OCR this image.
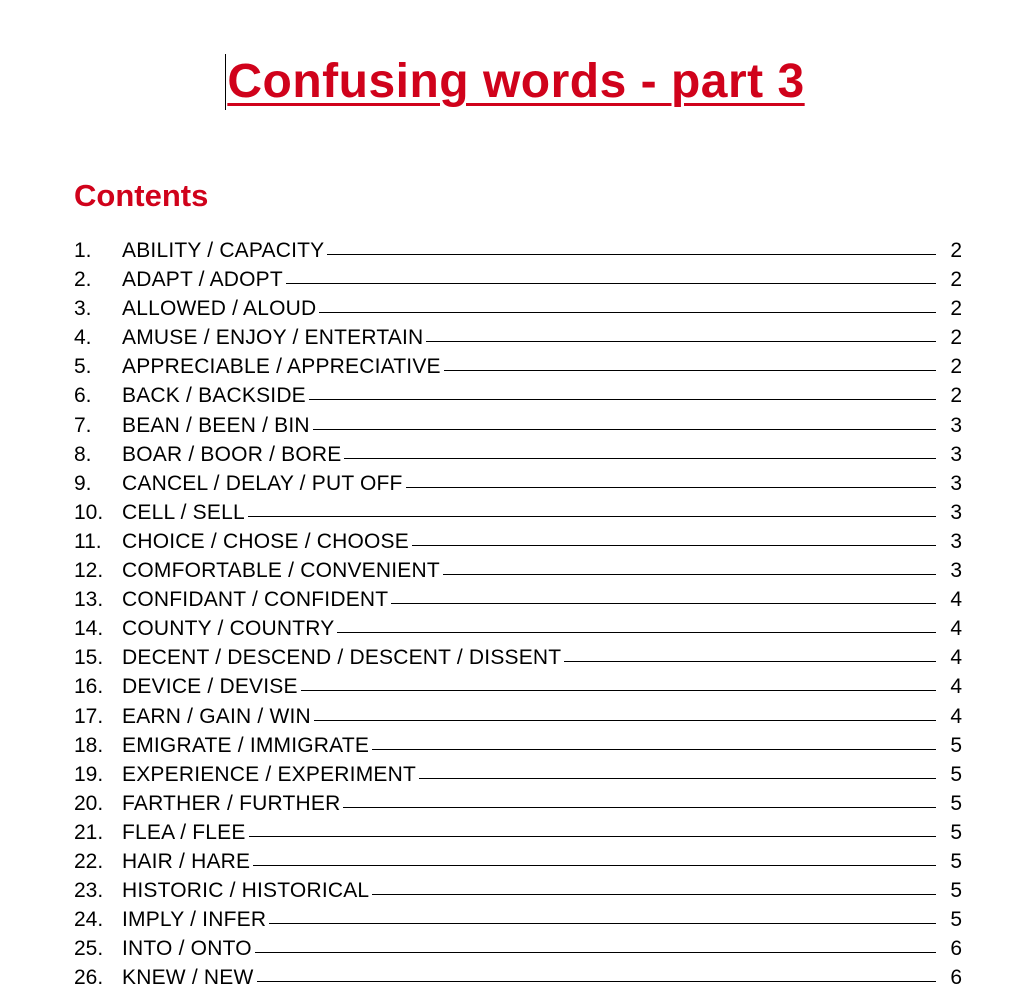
Confusing words - part 3
Contents
1.	ABILITY / CAPACITY	2
2.	ADAPT / ADOPT	2
3.	ALLOWED / ALOUD	2
4.	AMUSE / ENJOY / ENTERTAIN	2
5.	APPRECIABLE / APPRECIATIVE	2
6.	BACK / BACKSIDE	2
7.	BEAN / BEEN / BIN	3
8.	BOAR / BOOR / BORE	3
9.	CANCEL / DELAY / PUT OFF	3
10. CELL / SELL	3
11. CHOICE / CHOSE / CHOOSE	3
12. COMFORTABLE / CONVENIENT	3
13. CONFIDANT / CONFIDENT	4
14. COUNTY / COUNTRY	4
15. DECENT / DESCEND / DESCENT / DISSENT	4
16. DEVICE / DEVISE	4
17. EARN / GAIN / WIN	4
18. EMIGRATE / IMMIGRATE	5
19. EXPERIENCE / EXPERIMENT	5
20. FARTHER / FURTHER	5
21. FLEA / FLEE	5
22. HAIR / HARE	5
23. HISTORIC / HISTORICAL	5
24. IMPLY / INFER	5
25. INTO / ONTO	6
26. KNEW / NEW	6
